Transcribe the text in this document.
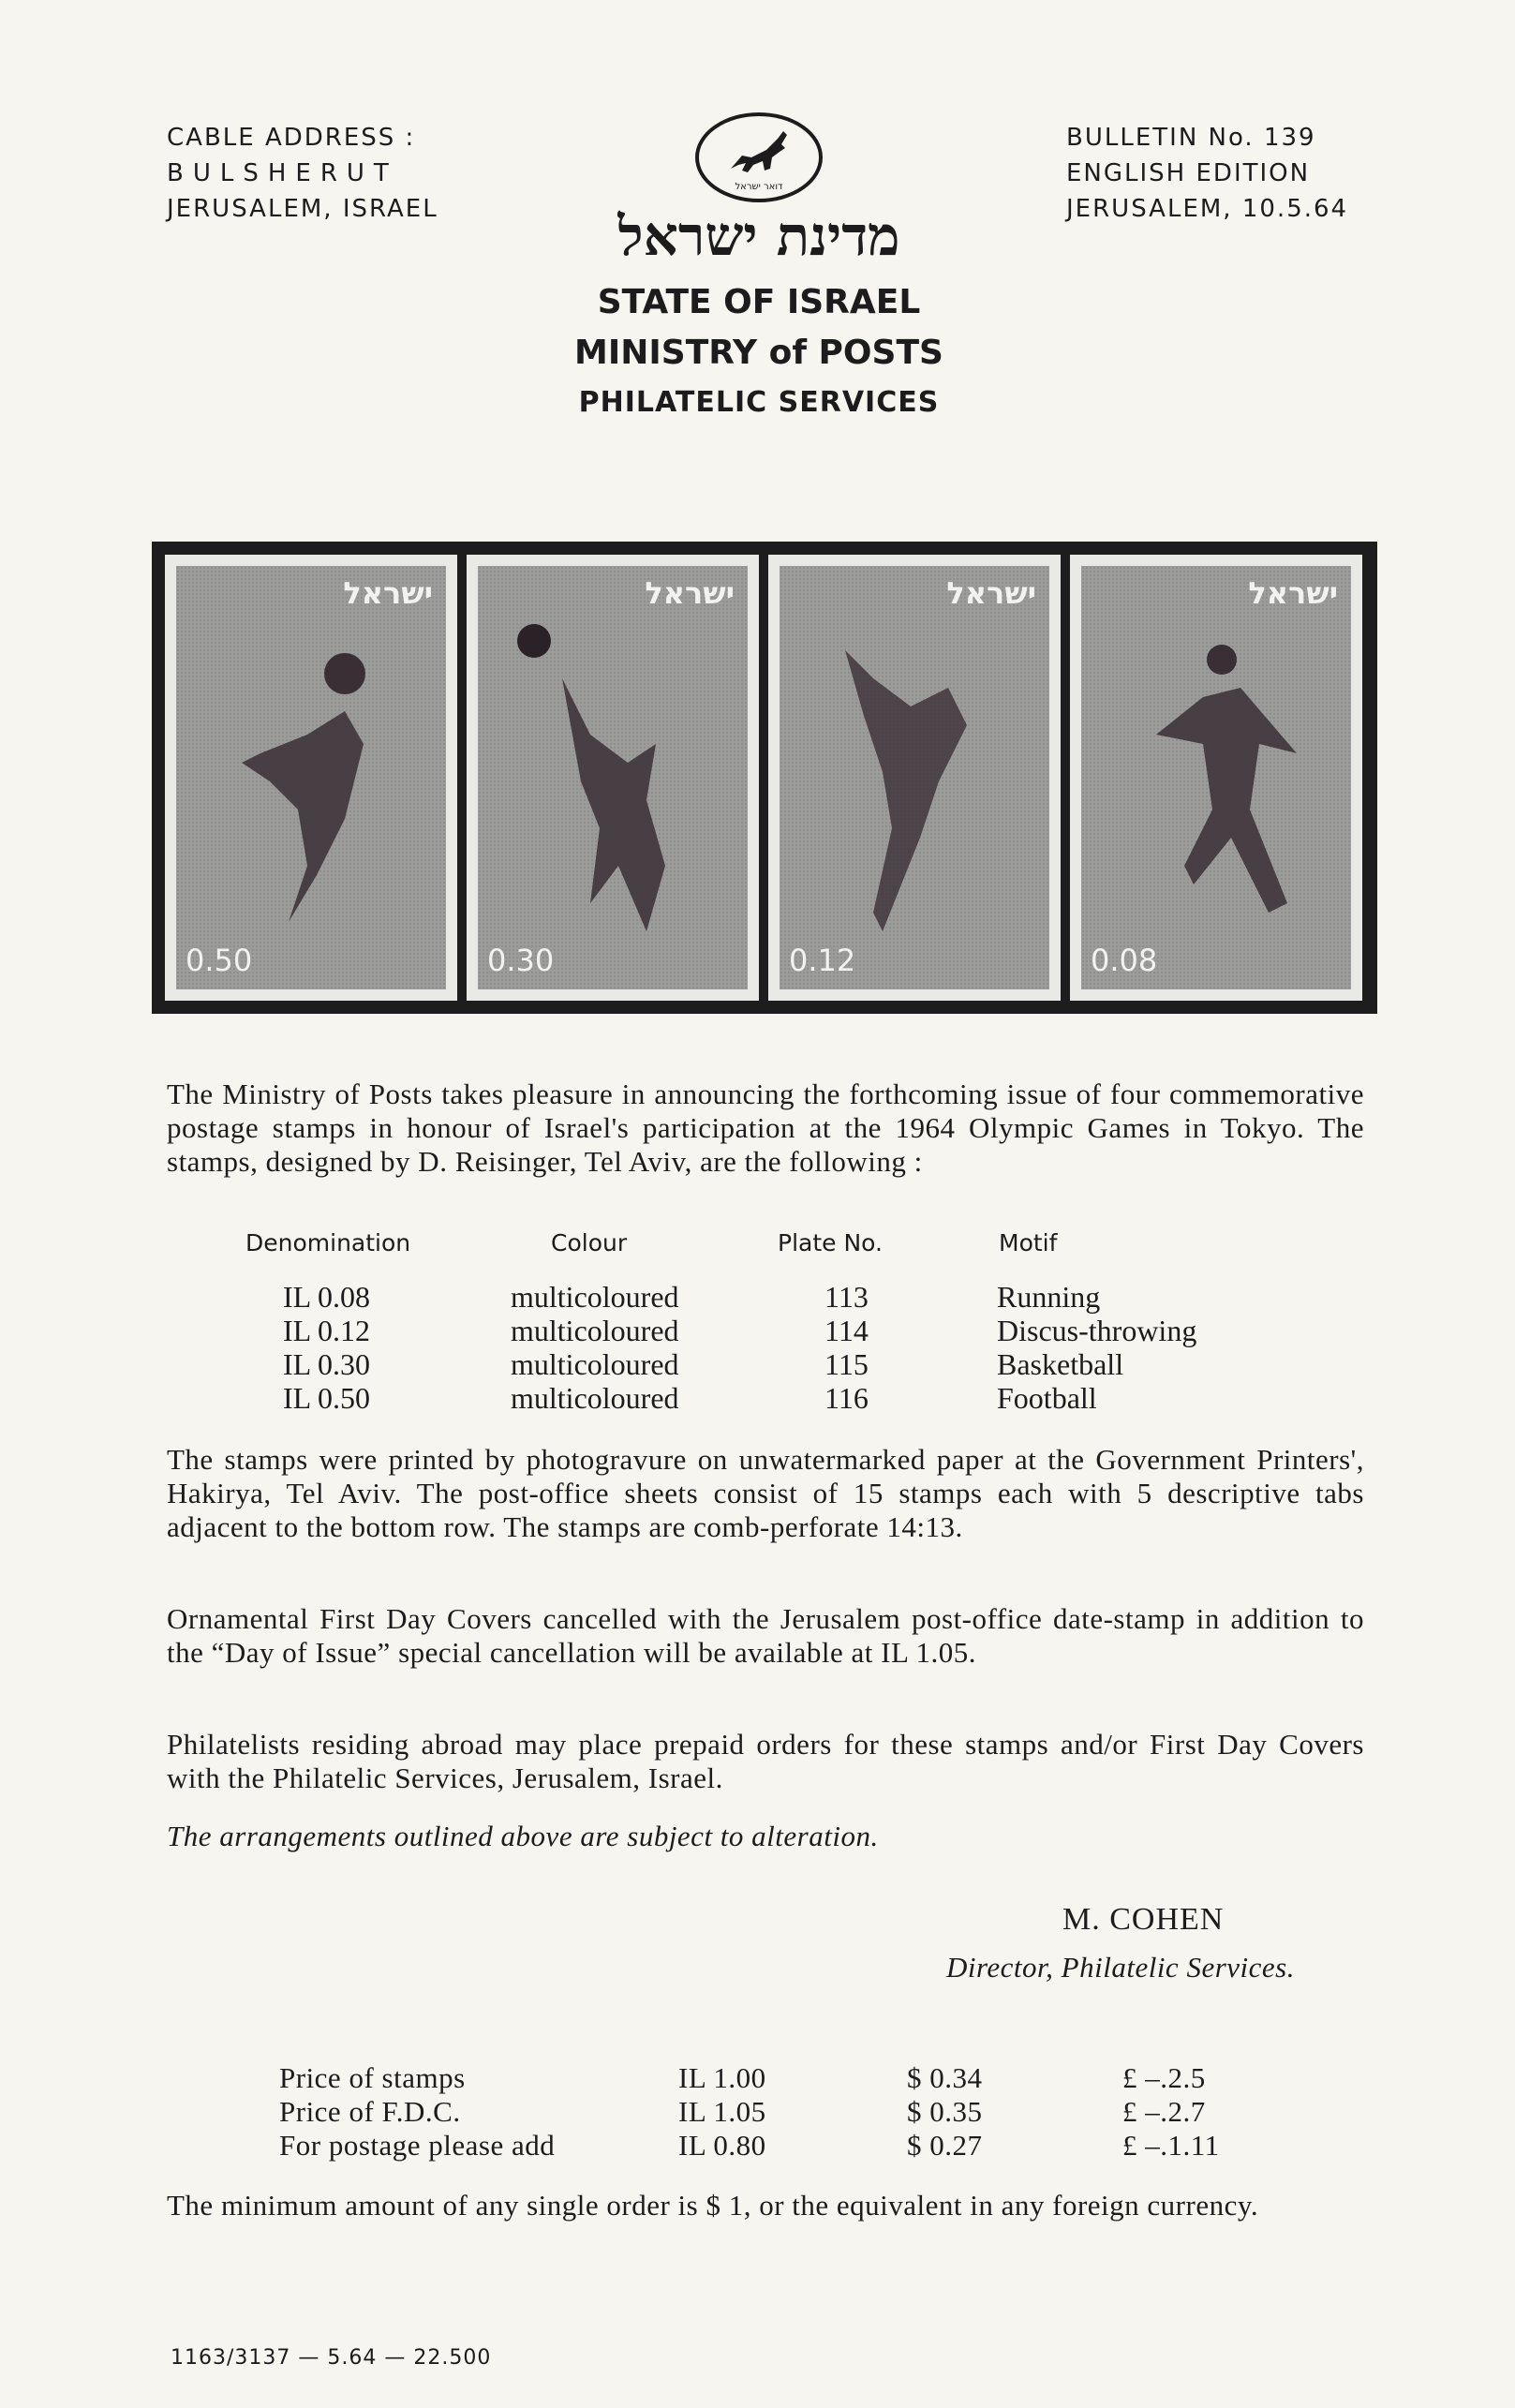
CABLE ADDRESS :
BULSHERUT
JERUSALEM, ISRAEL
דואר ישראל
BULLETIN No. 139
ENGLISH EDITION
JERUSALEM, 10.5.64
מדינת ישראל
STATE OF ISRAEL
MINISTRY of POSTS
PHILATELIC SERVICES
ישראל
0.50
ישראל
0.30
ישראל
0.12
ישראל
0.08
The Ministry of Posts takes pleasure in announcing the forthcoming issue of four commemorative postage stamps in honour of Israel's participation at the 1964 Olympic Games in Tokyo. The stamps, designed by D. Reisinger, Tel Aviv, are the following :
Denomination	Colour	Plate No.	Motif
IL 0.08	multicoloured	113	Running
IL 0.12	multicoloured	114	Discus-throwing
IL 0.30	multicoloured	115	Basketball
IL 0.50	multicoloured	116	Football
The stamps were printed by photogravure on unwatermarked paper at the Government Printers', Hakirya, Tel Aviv. The post-office sheets consist of 15 stamps each with 5 descriptive tabs adjacent to the bottom row. The stamps are comb-perforate 14:13.
Ornamental First Day Covers cancelled with the Jerusalem post-office date-stamp in addition to the “Day of Issue” special cancellation will be available at IL 1.05.
Philatelists residing abroad may place prepaid orders for these stamps and/or First Day Covers with the Philatelic Services, Jerusalem, Israel.
The arrangements outlined above are subject to alteration.
M. COHEN
Director, Philatelic Services.
Price of stamps	IL 1.00	$ 0.34	£ –.2.5
Price of F.D.C.	IL 1.05	$ 0.35	£ –.2.7
For postage please add	IL 0.80	$ 0.27	£ –.1.11
The minimum amount of any single order is $ 1, or the equivalent in any foreign currency.
1163/3137 — 5.64 — 22.500
